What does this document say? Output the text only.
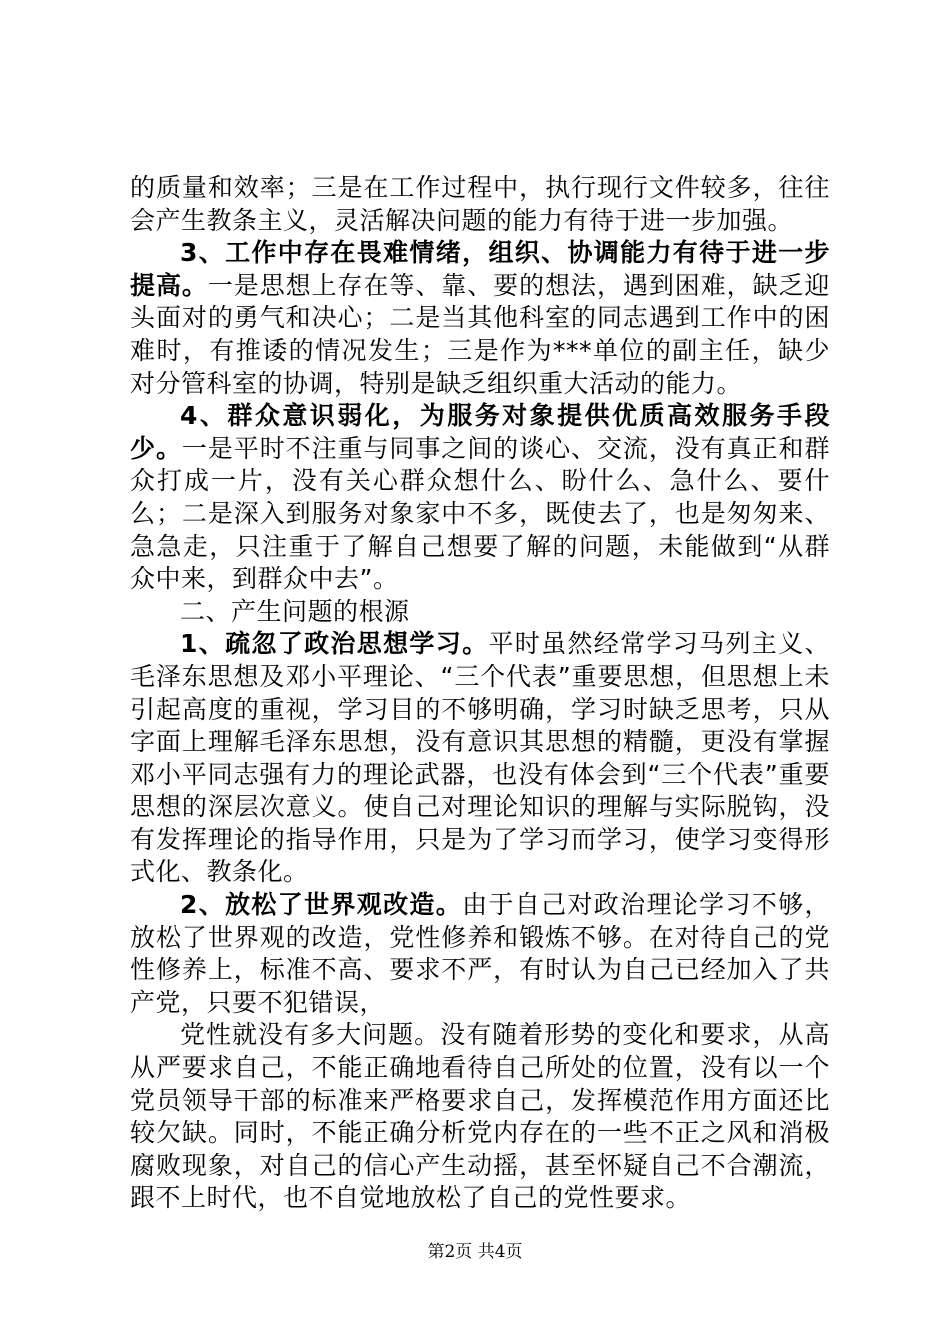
的质量和效率；三是在工作过程中，执行现行文件较多，往往会产生教条主义，灵活解决问题的能力有待于进一步加强。

3、工作中存在畏难情绪，组织、协调能力有待于进一步提高。一是思想上存在等、靠、要的想法，遇到困难，缺乏迎头面对的勇气和决心；二是当其他科室的同志遇到工作中的困难时，有推诿的情况发生；三是作为***单位的副主任，缺少对分管科室的协调，特别是缺乏组织重大活动的能力。

4、群众意识弱化，为服务对象提供优质高效服务手段少。一是平时不注重与同事之间的谈心、交流，没有真正和群众打成一片，没有关心群众想什么、盼什么、急什么、要什么；二是深入到服务对象家中不多，既使去了，也是匆匆来、急急走，只注重于了解自己想要了解的问题，未能做到“从群众中来，到群众中去”。

二、产生问题的根源

1、疏忽了政治思想学习。平时虽然经常学习马列主义、毛泽东思想及邓小平理论、“三个代表”重要思想，但思想上未引起高度的重视，学习目的不够明确，学习时缺乏思考，只从字面上理解毛泽东思想，没有意识其思想的精髓，更没有掌握邓小平同志强有力的理论武器，也没有体会到“三个代表”重要思想的深层次意义。使自己对理论知识的理解与实际脱钩，没有发挥理论的指导作用，只是为了学习而学习，使学习变得形式化、教条化。

2、放松了世界观改造。由于自己对政治理论学习不够，放松了世界观的改造，党性修养和锻炼不够。在对待自己的党性修养上，标准不高、要求不严，有时认为自己已经加入了共产党，只要不犯错误，

党性就没有多大问题。没有随着形势的变化和要求，从高从严要求自己，不能正确地看待自己所处的位置，没有以一个党员领导干部的标准来严格要求自己，发挥模范作用方面还比较欠缺。同时，不能正确分析党内存在的一些不正之风和消极腐败现象，对自己的信心产生动摇，甚至怀疑自己不合潮流，跟不上时代，也不自觉地放松了自己的党性要求。

第2页 共4页
